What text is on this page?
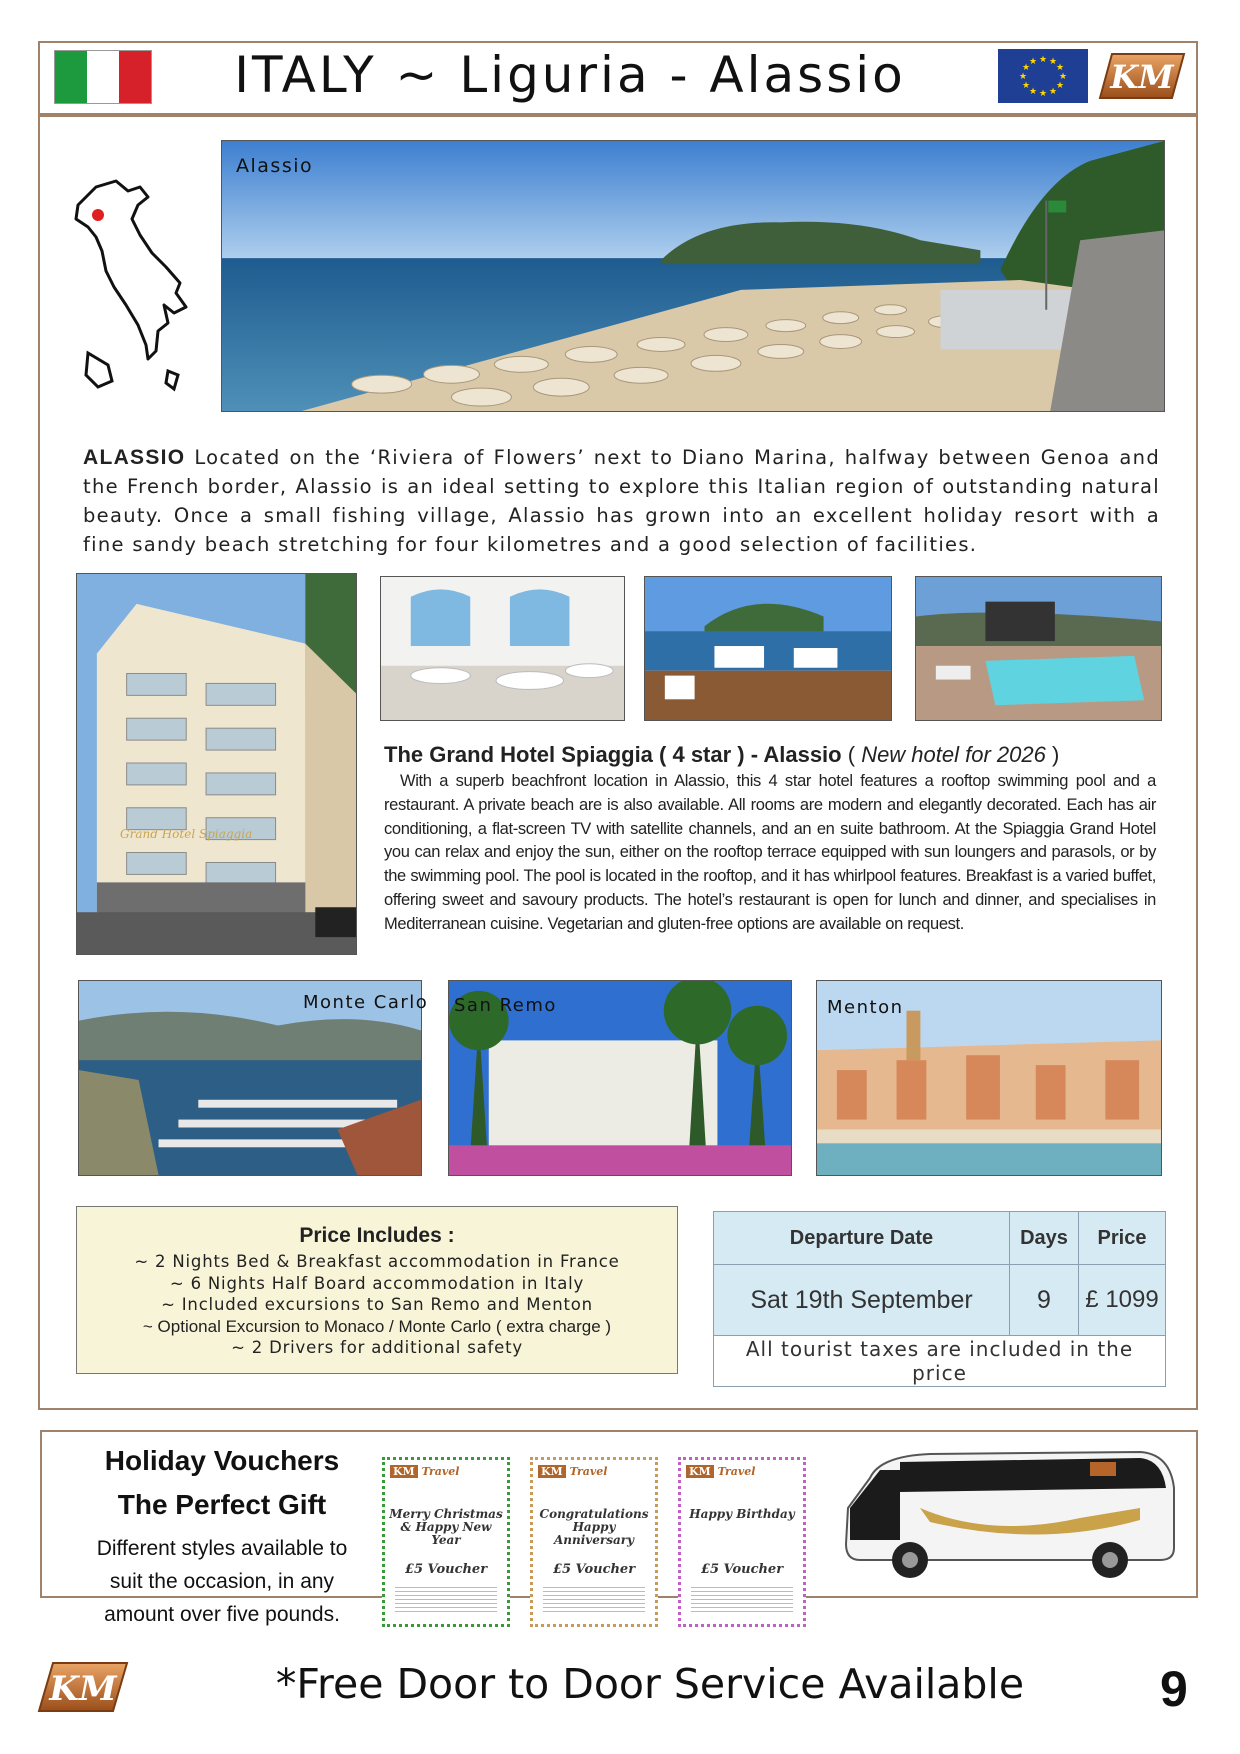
ITALY ~ Liguria - Alassio	★ ★
★
★
★
★
★
★
★
★
★
★ KM
Alassio
ALASSIO Located on the ‘Riviera of Flowers’ next to Diano Marina, halfway between Genoa and the French border, Alassio is an ideal setting to explore this Italian region of outstanding natural beauty. Once a small fishing village, Alassio has grown into an excellent holiday resort with a fine sandy beach stretching for four kilometres and a good selection of facilities.
Grand Hotel Spiaggia
The Grand Hotel Spiaggia ( 4 star ) - Alassio ( New hotel for 2026 )
With a superb beachfront location in Alassio, this 4 star hotel features a rooftop swimming pool and a restaurant. A private beach are is also available. All rooms are modern and elegantly decorated. Each has air conditioning, a flat-screen TV with satellite channels, and an en suite bathroom. At the Spiaggia Grand Hotel you can relax and enjoy the sun, either on the rooftop terrace equipped with sun loungers and parasols, or by the swimming pool. The pool is located in the rooftop, and it has whirlpool features. Breakfast is a varied buffet, offering sweet and savoury products. The hotel’s restaurant is open for lunch and dinner, and specialises in Mediterranean cuisine. Vegetarian and gluten-free options are available on request.
Monte Carlo San Remo	Menton
Price Includes :
~ 2 Nights Bed & Breakfast accommodation in France
~ 6 Nights Half Board accommodation in Italy
~ Included excursions to San Remo and Menton
~ Optional Excursion to Monaco / Monte Carlo ( extra charge )
~ 2 Drivers for additional safety
Departure Date	Days	Price
Sat 19th September	9	£ 1099
All tourist taxes are included in the price		
Holiday Vouchers
The Perfect Gift
Different styles available to suit the occasion, in any amount over five pounds.
KM Travel
Merry Christmas & Happy New Year
£5 Voucher
KM Travel
Congratulations Happy Anniversary
£5 Voucher
KM Travel
Happy Birthday
£5 Voucher
KM	*Free Door to Door Service Available	9
